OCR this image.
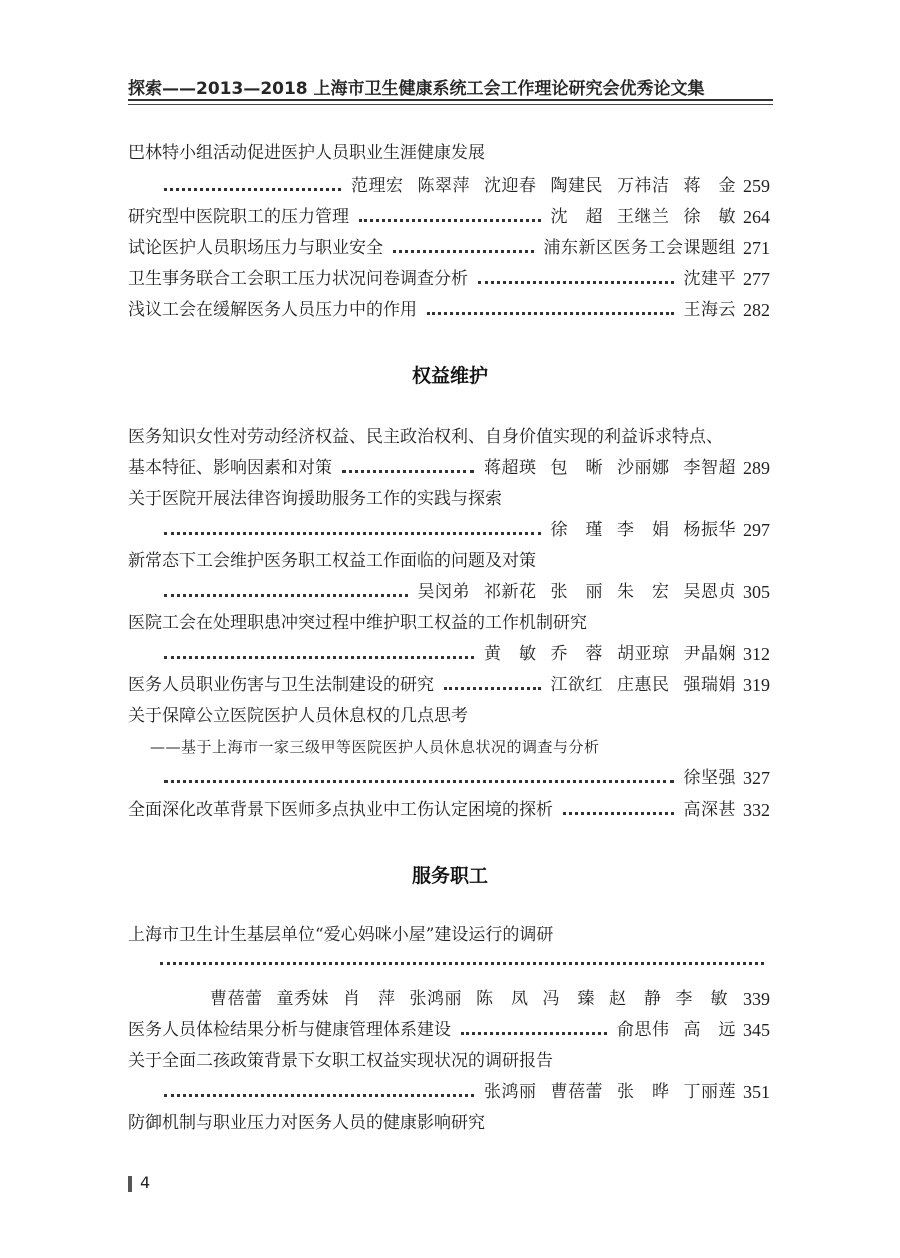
探索——2013—2018 上海市卫生健康系统工会工作理论研究会优秀论文集
巴林特小组活动促进医护人员职业生涯健康发展
范理宏 陈翠萍 沈迎春 陶建民 万祎洁 蒋　金 259
研究型中医院职工的压力管理	沈　超 王继兰 徐　敏 264
试论医护人员职场压力与职业安全	浦东新区医务工会课题组 271
卫生事务联合工会职工压力状况问卷调查分析	沈建平 277
浅议工会在缓解医务人员压力中的作用	王海云 282
权益维护
医务知识女性对劳动经济权益、民主政治权利、自身价值实现的利益诉求特点、
基本特征、影响因素和对策	蒋超瑛 包　晰 沙丽娜 李智超 289
关于医院开展法律咨询援助服务工作的实践与探索
徐　瑾 李　娟 杨振华 297
新常态下工会维护医务职工权益工作面临的问题及对策
吴闵弟 祁新花 张　丽 朱　宏 吴恩贞 305
医院工会在处理职患冲突过程中维护职工权益的工作机制研究
黄　敏 乔　蓉 胡亚琼 尹晶娴 312
医务人员职业伤害与卫生法制建设的研究	江欲红 庄惠民 强瑞娟 319
关于保障公立医院医护人员休息权的几点思考
——基于上海市一家三级甲等医院医护人员休息状况的调查与分析
徐坚强 327
全面深化改革背景下医师多点执业中工伤认定困境的探析	高深甚 332
服务职工
上海市卫生计生基层单位“爱心妈咪小屋”建设运行的调研
曹蓓蕾 童秀妹 肖　萍 张鸿丽 陈　凤 冯　臻 赵　静 李　敏 339
医务人员体检结果分析与健康管理体系建设	俞思伟 高　远 345
关于全面二孩政策背景下女职工权益实现状况的调研报告
张鸿丽 曹蓓蕾 张　晔 丁丽莲 351
防御机制与职业压力对医务人员的健康影响研究
4
